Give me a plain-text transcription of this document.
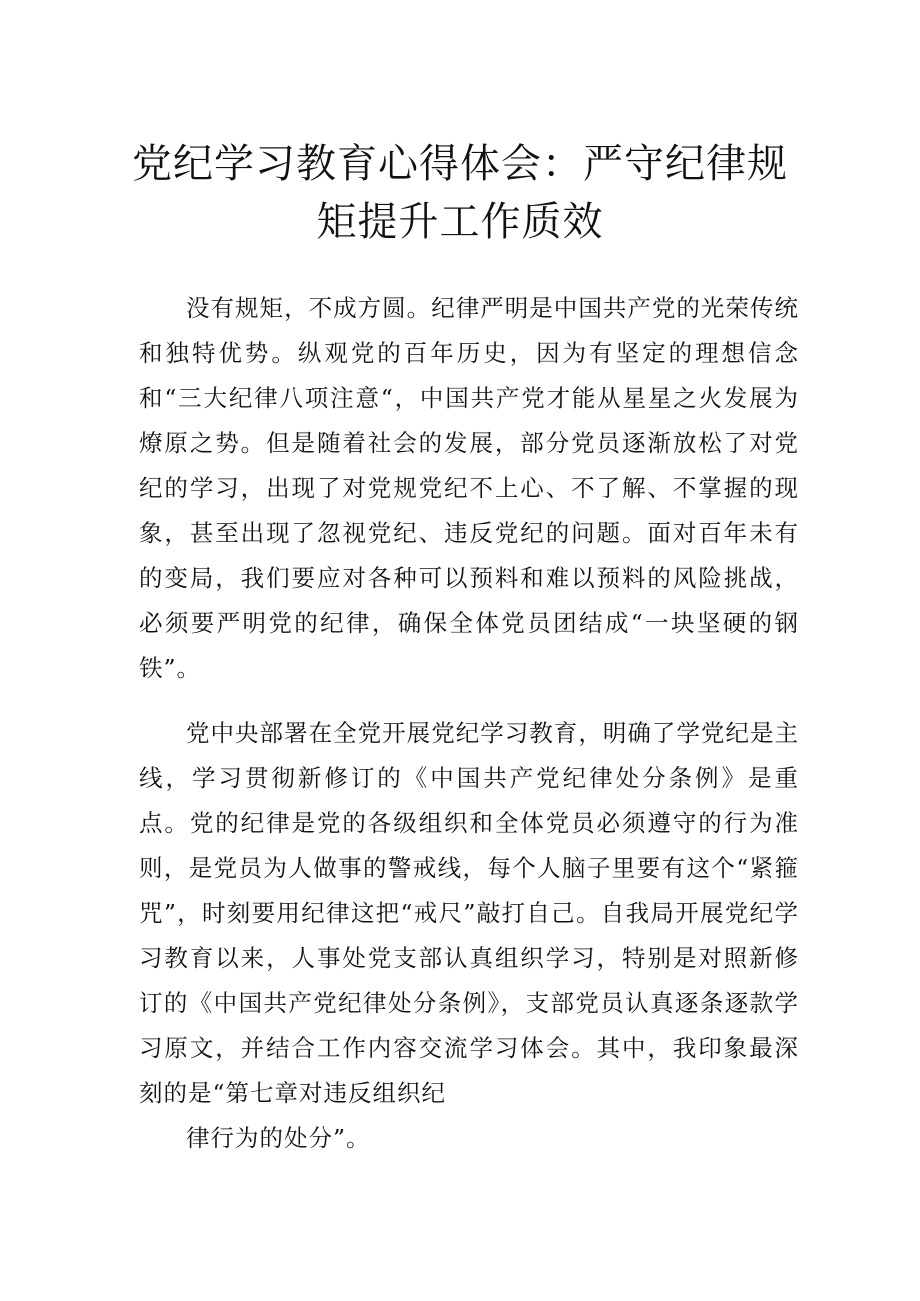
党纪学习教育心得体会：严守纪律规矩提升工作质效

没有规矩，不成方圆。纪律严明是中国共产党的光荣传统和独特优势。纵观党的百年历史，因为有坚定的理想信念和“三大纪律八项注意“，中国共产党才能从星星之火发展为燎原之势。但是随着社会的发展，部分党员逐渐放松了对党纪的学习，出现了对党规党纪不上心、不了解、不掌握的现象，甚至出现了忽视党纪、违反党纪的问题。面对百年未有的变局，我们要应对各种可以预料和难以预料的风险挑战，必须要严明党的纪律，确保全体党员团结成“一块坚硬的钢铁”。

党中央部署在全党开展党纪学习教育，明确了学党纪是主线，学习贯彻新修订的《中国共产党纪律处分条例》是重点。党的纪律是党的各级组织和全体党员必须遵守的行为准则，是党员为人做事的警戒线，每个人脑子里要有这个“紧箍咒”，时刻要用纪律这把“戒尺”敲打自己。自我局开展党纪学习教育以来，人事处党支部认真组织学习，特别是对照新修订的《中国共产党纪律处分条例》，支部党员认真逐条逐款学习原文，并结合工作内容交流学习体会。其中，我印象最深刻的是“第七章对违反组织纪
律行为的处分”。
